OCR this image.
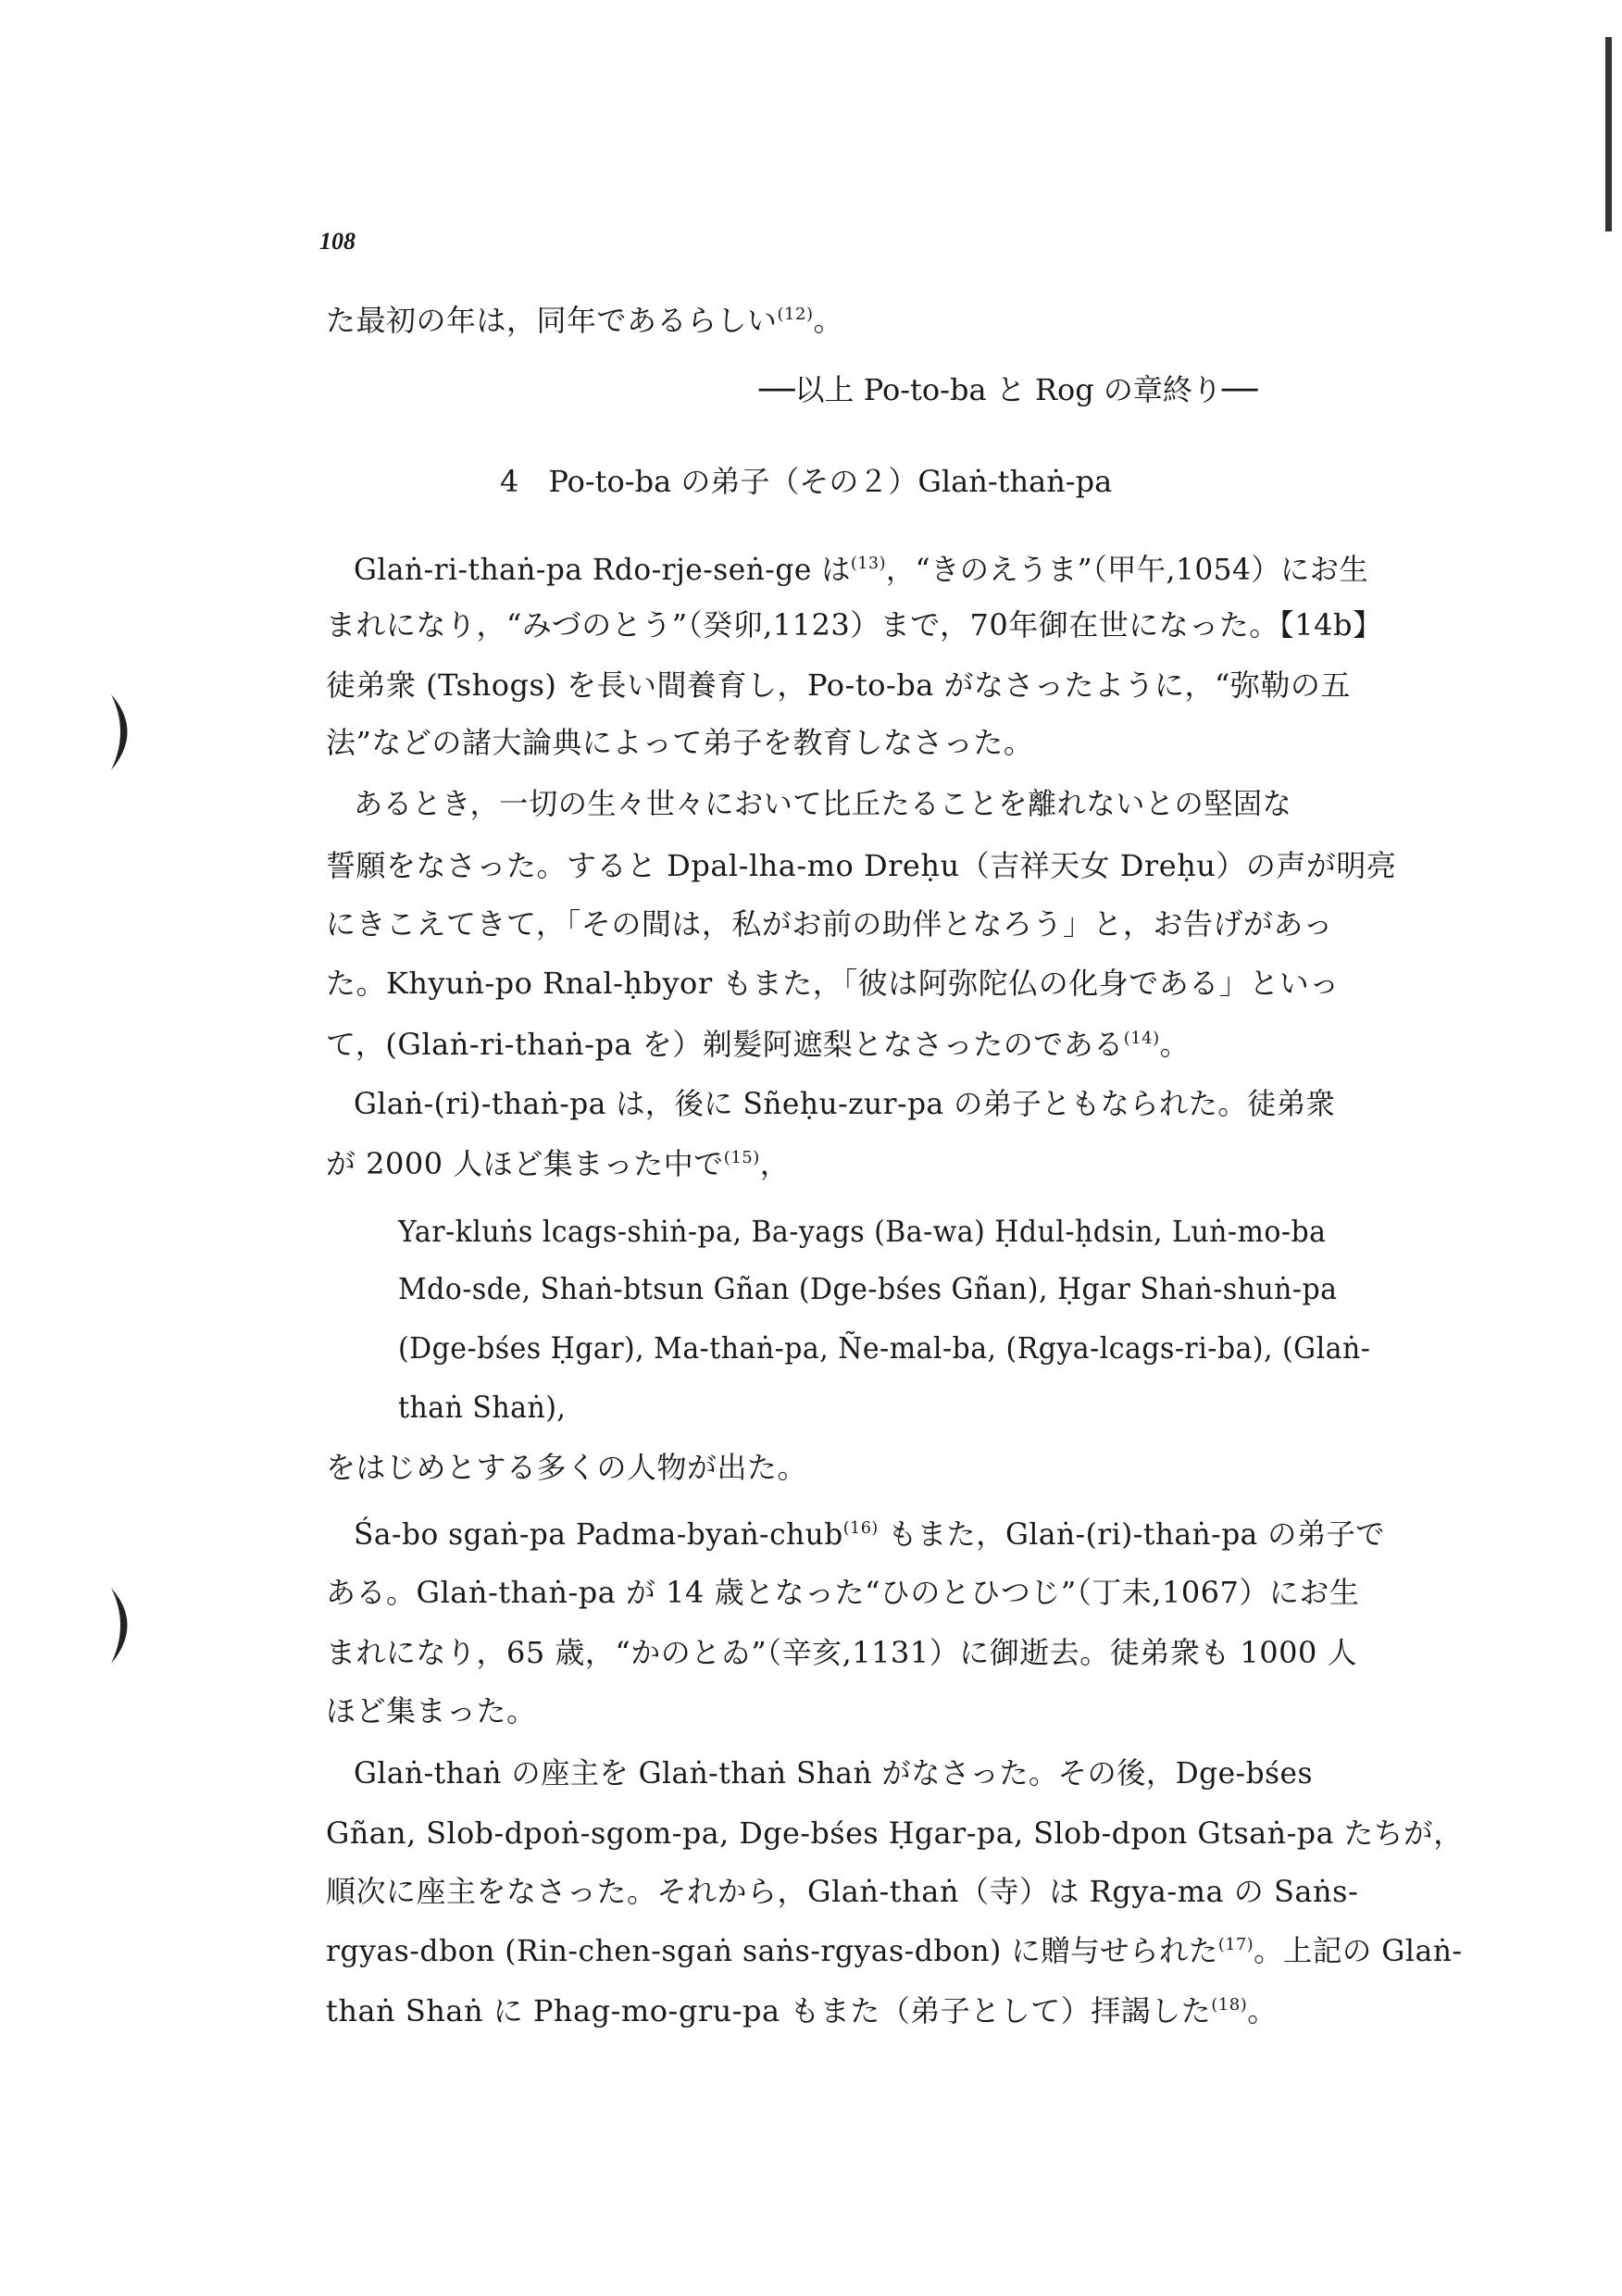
108
た最初の年は，同年であるらしい$^{(12)}$。
──以上 Po-to-ba と Rog の章終り──
4　Po-to-ba の弟子（その２）Glaṅ-thaṅ-pa
Glaṅ-ri-thaṅ-pa Rdo-rje-seṅ-ge は$^{(13)}$，“きのえうま”（甲午,1054）にお生
まれになり，“みづのとう”（癸卯,1123）まで，70年御在世になった。【14b】
徒弟衆 (Tshogs) を長い間養育し，Po-to-ba がなさったように，“弥勒の五
法”などの諸大論典によって弟子を教育しなさった。
あるとき，一切の生々世々において比丘たることを離れないとの堅固な
誓願をなさった。すると Dpal-lha-mo Dreḥu（吉祥天女 Dreḥu）の声が明亮
にきこえてきて，「その間は，私がお前の助伴となろう」と，お告げがあっ
た。Khyuṅ-po Rnal-ḥbyor もまた，「彼は阿弥陀仏の化身である」といっ
て，(Glaṅ-ri-thaṅ-pa を）剃髪阿遮梨となさったのである$^{(14)}$。
Glaṅ-(ri)-thaṅ-pa は，後に Sñeḥu-zur-pa の弟子ともなられた。徒弟衆
が 2000 人ほど集まった中で$^{(15)}$，
Yar-kluṅs lcags-shiṅ-pa, Ba-yags (Ba-wa) Ḥdul-ḥdsin, Luṅ-mo-ba
Mdo-sde, Shaṅ-btsun Gñan (Dge-bśes Gñan), Ḥgar Shaṅ-shuṅ-pa
(Dge-bśes Ḥgar), Ma-thaṅ-pa, Ñe-mal-ba, (Rgya-lcags-ri-ba), (Glaṅ-
thaṅ Shaṅ),
をはじめとする多くの人物が出た。
Śa-bo sgaṅ-pa Padma-byaṅ-chub$^{(16)}$ もまた，Glaṅ-(ri)-thaṅ-pa の弟子で
ある。Glaṅ-thaṅ-pa が 14 歳となった“ひのとひつじ”（丁未,1067）にお生
まれになり，65 歳，“かのとゐ”（辛亥,1131）に御逝去。徒弟衆も 1000 人
ほど集まった。
Glaṅ-thaṅ の座主を Glaṅ-thaṅ Shaṅ がなさった。その後，Dge-bśes
Gñan, Slob-dpoṅ-sgom-pa, Dge-bśes Ḥgar-pa, Slob-dpon Gtsaṅ-pa たちが，
順次に座主をなさった。それから，Glaṅ-thaṅ（寺）は Rgya-ma の Saṅs-
rgyas-dbon (Rin-chen-sgaṅ saṅs-rgyas-dbon) に贈与せられた$^{(17)}$。上記の Glaṅ-
thaṅ Shaṅ に Phag-mo-gru-pa もまた（弟子として）拝謁した$^{(18)}$。
